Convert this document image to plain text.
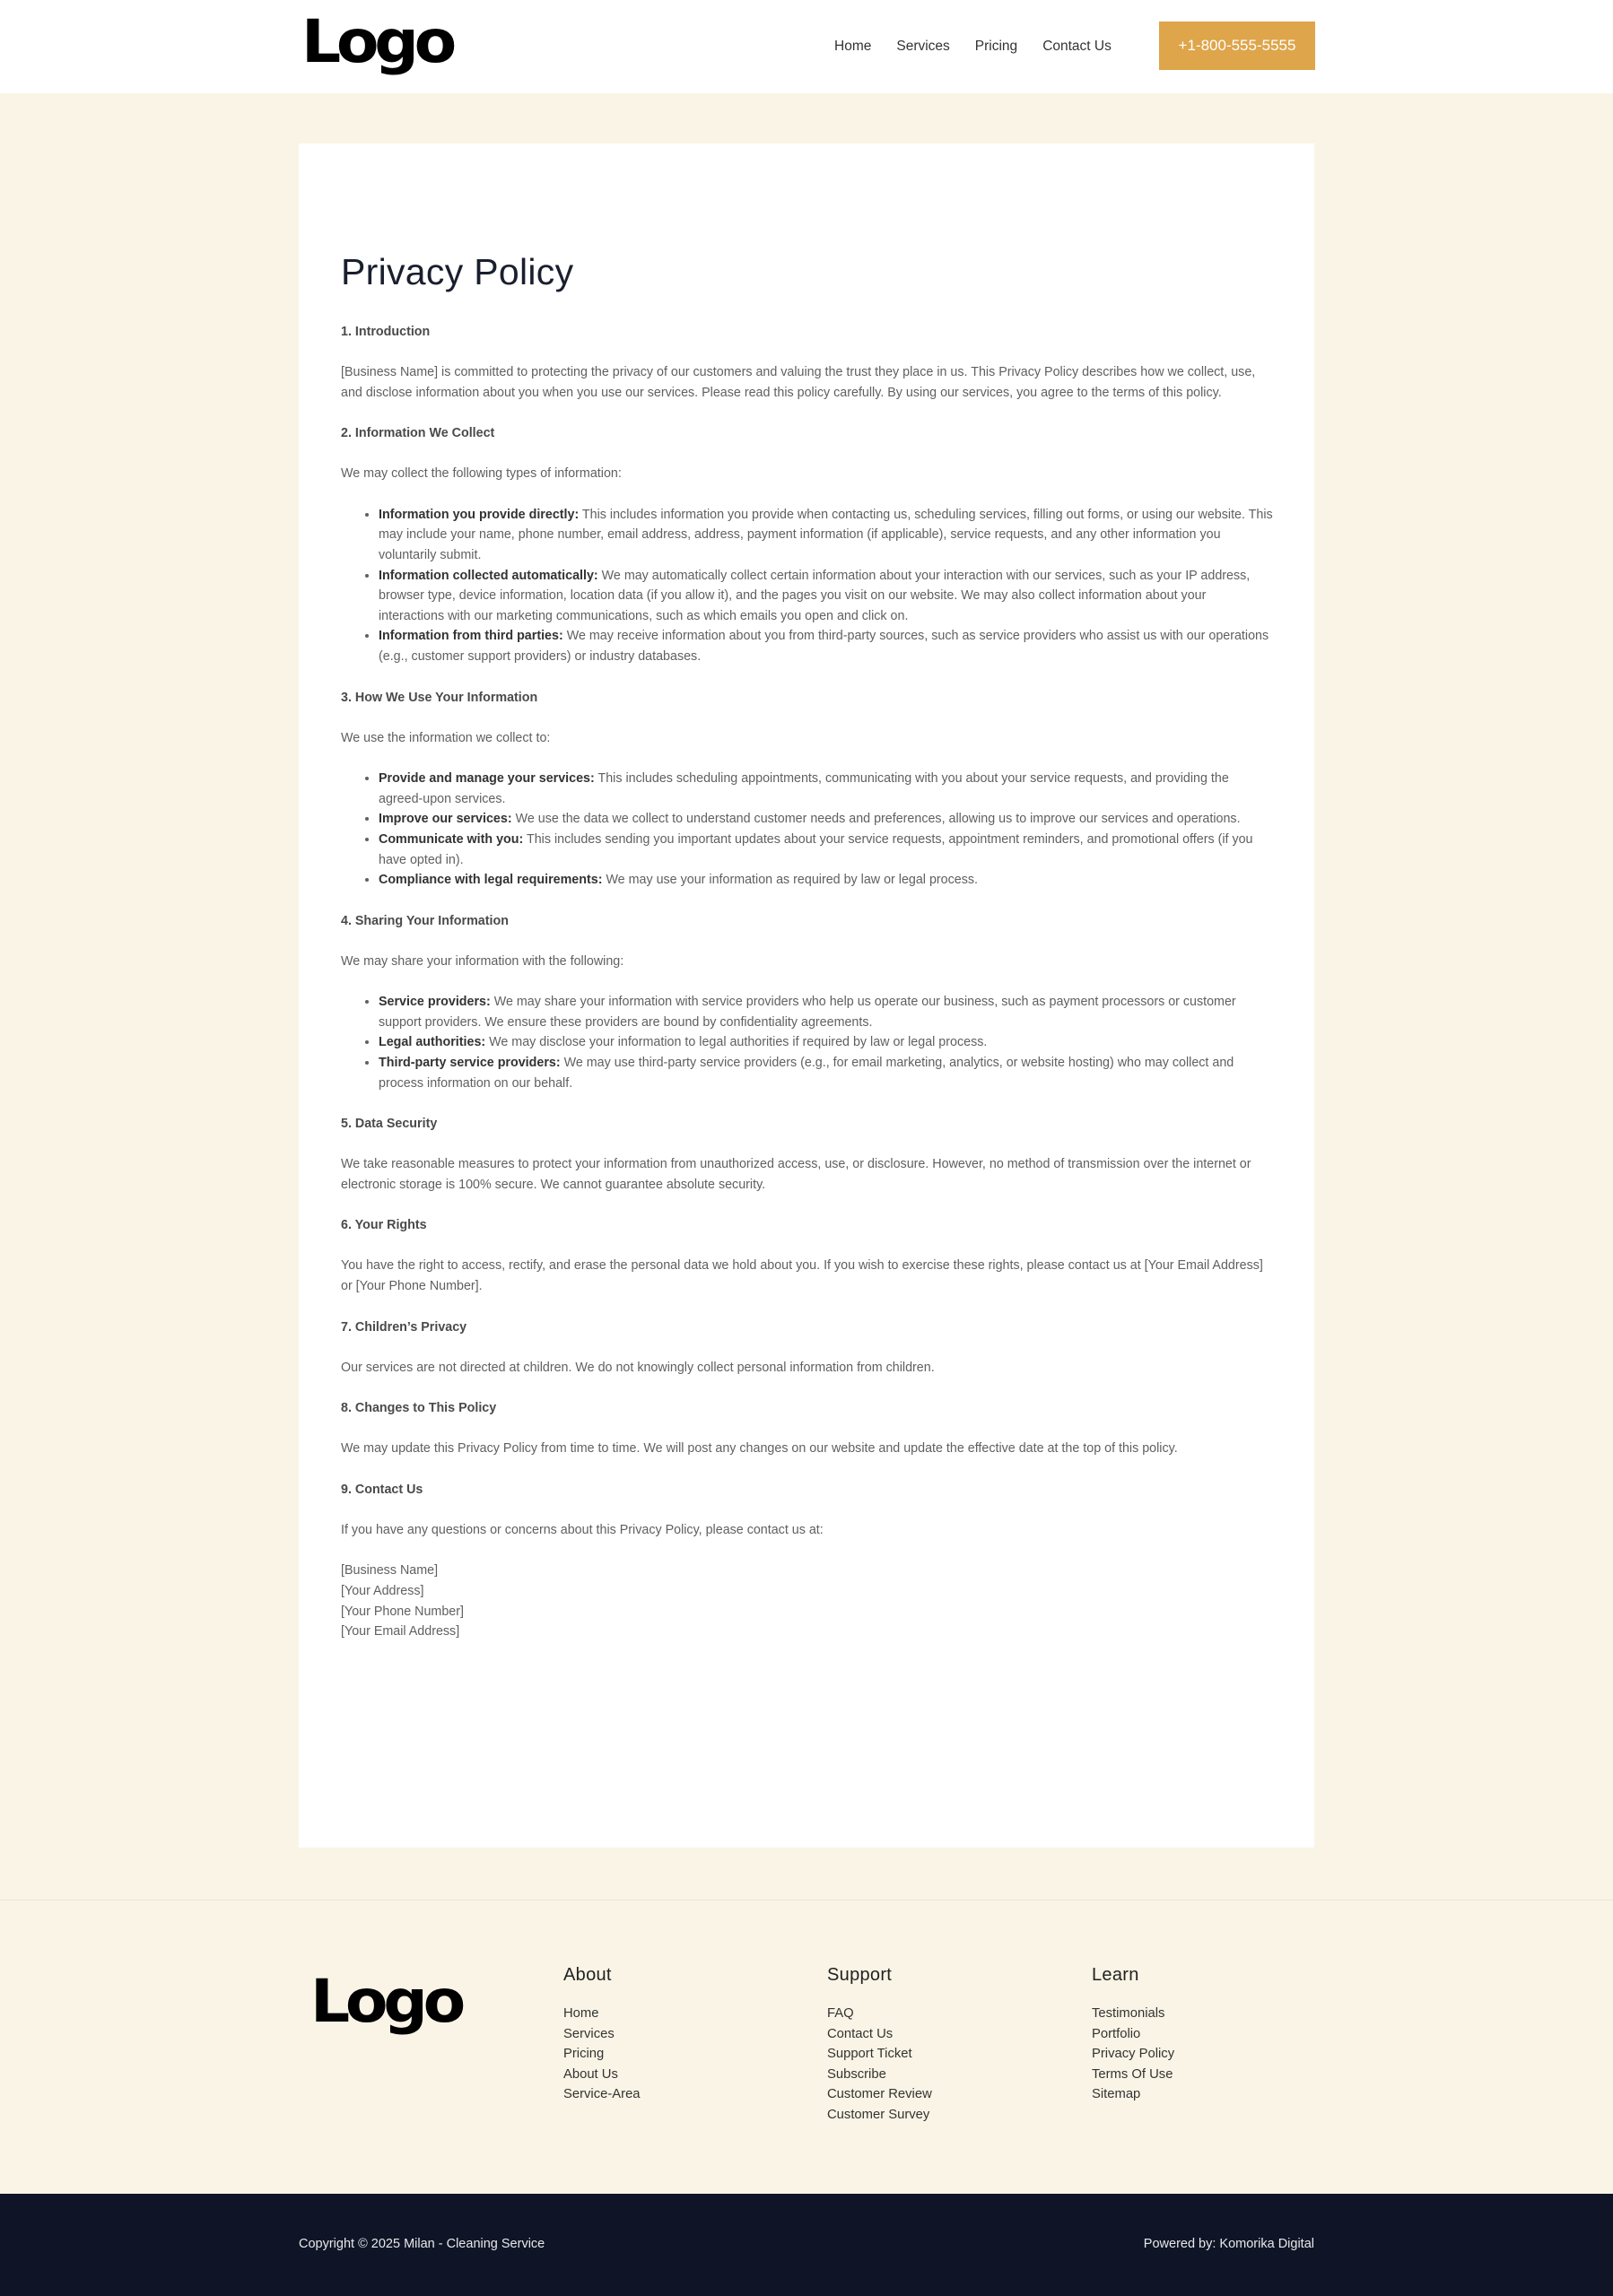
Logo	Home Services Pricing Contact Us	+1-800-555-5555
Privacy Policy
1. Introduction

[Business Name] is committed to protecting the privacy of our customers and valuing the trust they place in us. This Privacy Policy describes how we collect, use, and disclose information about you when you use our services. Please read this policy carefully. By using our services, you agree to the terms of this policy.

2. Information We Collect

We may collect the following types of information:

• Information you provide directly: This includes information you provide when contacting us, scheduling services, filling out forms, or using our website. This may include your name, phone number, email address, address, payment information (if applicable), service requests, and any other information you voluntarily submit.
• Information collected automatically: We may automatically collect certain information about your interaction with our services, such as your IP address, browser type, device information, location data (if you allow it), and the pages you visit on our website. We may also collect information about your interactions with our marketing communications, such as which emails you open and click on.
• Information from third parties: We may receive information about you from third-party sources, such as service providers who assist us with our operations (e.g., customer support providers) or industry databases.
3. How We Use Your Information

We use the information we collect to:

• Provide and manage your services: This includes scheduling appointments, communicating with you about your service requests, and providing the agreed-upon services.
• Improve our services: We use the data we collect to understand customer needs and preferences, allowing us to improve our services and operations.
• Communicate with you: This includes sending you important updates about your service requests, appointment reminders, and promotional offers (if you have opted in).
• Compliance with legal requirements: We may use your information as required by law or legal process.
4. Sharing Your Information

We may share your information with the following:

• Service providers: We may share your information with service providers who help us operate our business, such as payment processors or customer support providers. We ensure these providers are bound by confidentiality agreements.
• Legal authorities: We may disclose your information to legal authorities if required by law or legal process.
• Third-party service providers: We may use third-party service providers (e.g., for email marketing, analytics, or website hosting) who may collect and process information on our behalf.
5. Data Security

We take reasonable measures to protect your information from unauthorized access, use, or disclosure. However, no method of transmission over the internet or electronic storage is 100% secure. We cannot guarantee absolute security.

6. Your Rights

You have the right to access, rectify, and erase the personal data we hold about you. If you wish to exercise these rights, please contact us at [Your Email Address] or [Your Phone Number].

7. Children’s Privacy

Our services are not directed at children. We do not knowingly collect personal information from children.

8. Changes to This Policy

We may update this Privacy Policy from time to time. We will post any changes on our website and update the effective date at the top of this policy.

9. Contact Us

If you have any questions or concerns about this Privacy Policy, please contact us at:

[Business Name]
[Your Address]
[Your Phone Number]
[Your Email Address]
Logo	About
Home
Services
Pricing
About Us
Service-Area
Support
FAQ
Contact Us
Support Ticket
Subscribe
Customer Review
Customer Survey
Learn
Testimonials
Portfolio
Privacy Policy
Terms Of Use
Sitemap
Copyright © 2025 Milan - Cleaning Service	Powered by: Komorika Digital
